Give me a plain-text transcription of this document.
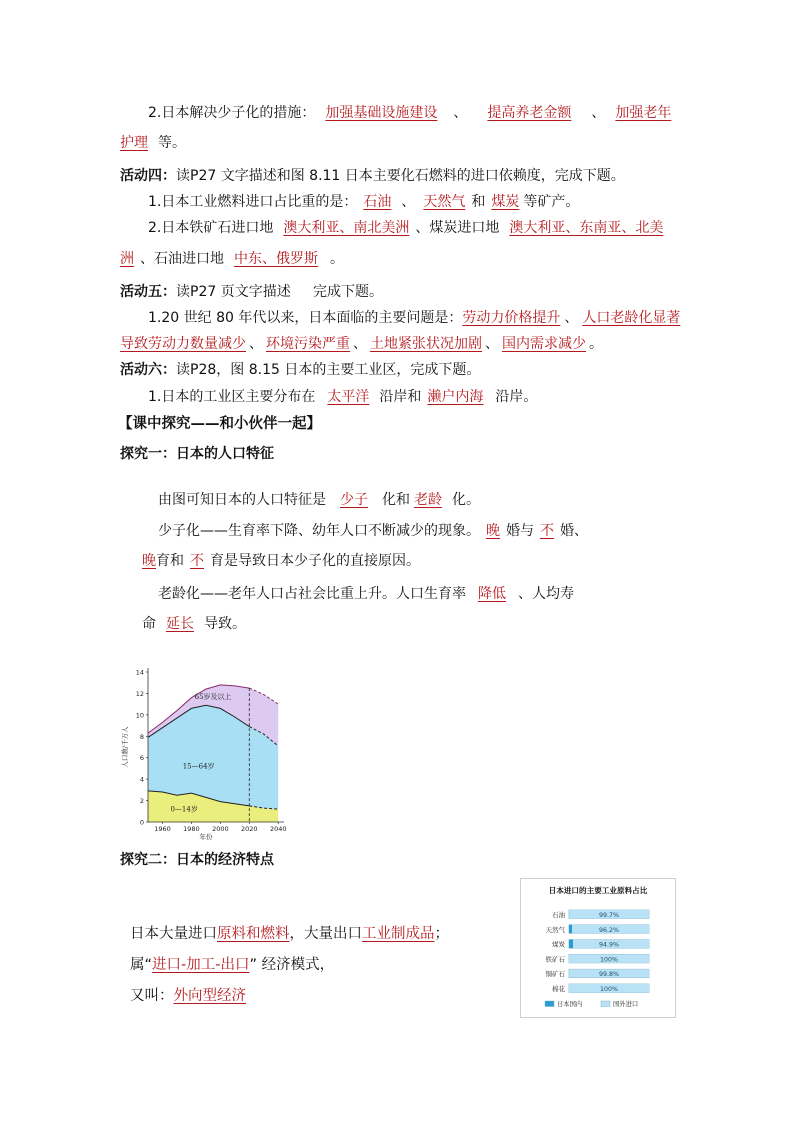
2.日本解决少子化的措施： 加强基础设施建设 、 提高养老金额 、 加强老年
护理 等。
活动四：读P27 文字描述和图 8.11 日本主要化石燃料的进口依赖度，完成下题。
1.日本工业燃料进口占比重的是： 石油 、 天然气 和 煤炭 等矿产。
2.日本铁矿石进口地 澳大利亚、南北美洲 、煤炭进口地 澳大利亚、东南亚、北美
洲 、石油进口地 中东、俄罗斯 。
活动五：读P27 页文字描述     完成下题。
1.20 世纪 80 年代以来，日本面临的主要问题是：劳动力价格提升 、 人口老龄化显著
导致劳动力数量减少 、 环境污染严重 、 土地紧张状况加剧 、 国内需求减少 。
活动六：读P28，图 8.15 日本的主要工业区，完成下题。
1.日本的工业区主要分布在 太平洋 沿岸和 濑户内海 沿岸。
【课中探究——和小伙伴一起】
探究一：日本的人口特征
由图可知日本的人口特征是 少子 化和 老龄 化。
少子化——生育率下降、幼年人口不断减少的现象。 晚 婚与 不 婚、
晚育和 不 育是导致日本少子化的直接原因。
老龄化——老年人口占社会比重上升。人口生育率 降低 、人均寿
命 延长 导致。
0
2
4
6
8
10
12
14
1960 1980 2000 2020 2040
年份
人口数/千万人
0—14岁
15—64岁
65岁及以上
探究二：日本的经济特点
日本大量进口原料和燃料，大量出口工业制成品；
属“进口-加工-出口” 经济模式，
又叫：外向型经济
日本进口的主要工业原料占比
石油	99.7%
天然气	96.2%
煤炭	94.9%
铁矿石	100%
铜矿石	99.8%
棉花	100%
日本国内	国外进口
